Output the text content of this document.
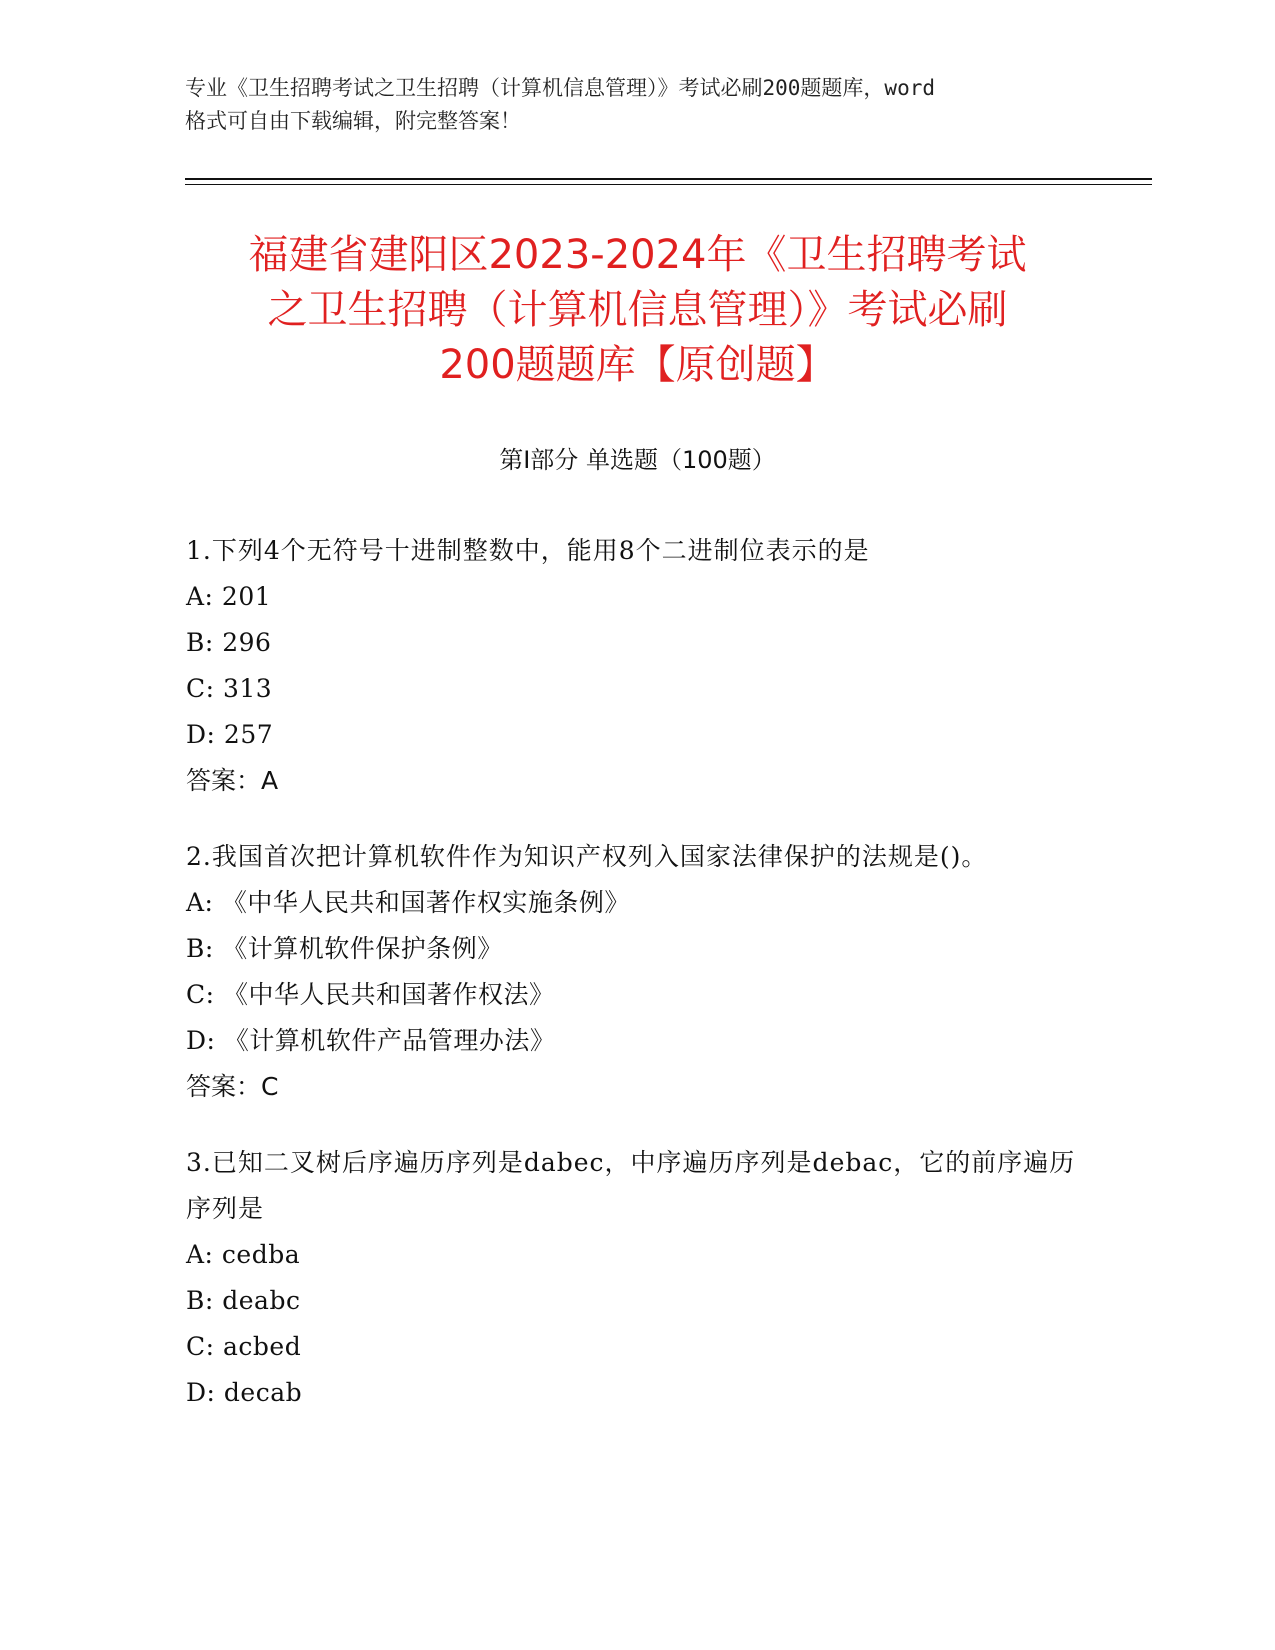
专业《卫生招聘考试之卫生招聘（计算机信息管理）》考试必刷200题题库，word
格式可自由下载编辑，附完整答案！
福建省建阳区2023-2024年《卫生招聘考试
之卫生招聘（计算机信息管理）》考试必刷
200题题库【原创题】
第Ⅰ部分 单选题（100题）
1.下列4个无符号十进制整数中，能用8个二进制位表示的是
A: 201
B: 296
C: 313
D: 257
答案：A
2.我国首次把计算机软件作为知识产权列入国家法律保护的法规是()。
A: 《中华人民共和国著作权实施条例》
B: 《计算机软件保护条例》
C: 《中华人民共和国著作权法》
D: 《计算机软件产品管理办法》
答案：C
3.已知二叉树后序遍历序列是dabec，中序遍历序列是debac，它的前序遍历序列是
A: cedba
B: deabc
C: acbed
D: decab
